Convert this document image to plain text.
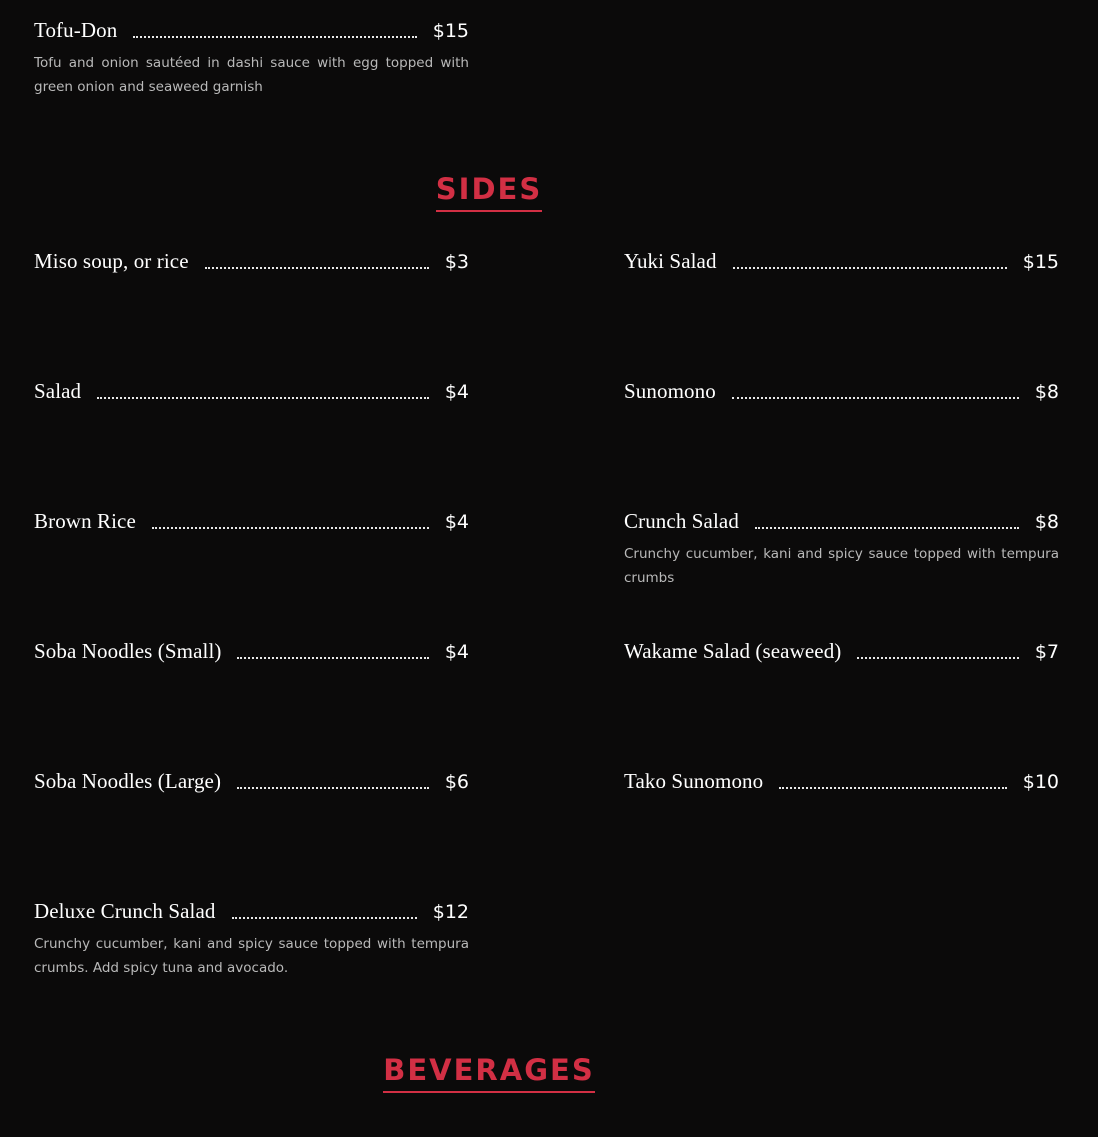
Tofu-Don	$15
Tofu and onion sautéed in dashi sauce with egg topped with green onion and seaweed garnish
SIDES
Miso soup, or rice	$3
Salad	$4
Brown Rice	$4
Soba Noodles (Small)	$4
Soba Noodles (Large)	$6
Deluxe Crunch Salad	$12
Crunchy cucumber, kani and spicy sauce topped with tempura crumbs. Add spicy tuna and avocado.
Yuki Salad	$15
Sunomono	$8
Crunch Salad	$8
Crunchy cucumber, kani and spicy sauce topped with tempura crumbs
Wakame Salad (seaweed)	$7
Tako Sunomono	$10
BEVERAGES
